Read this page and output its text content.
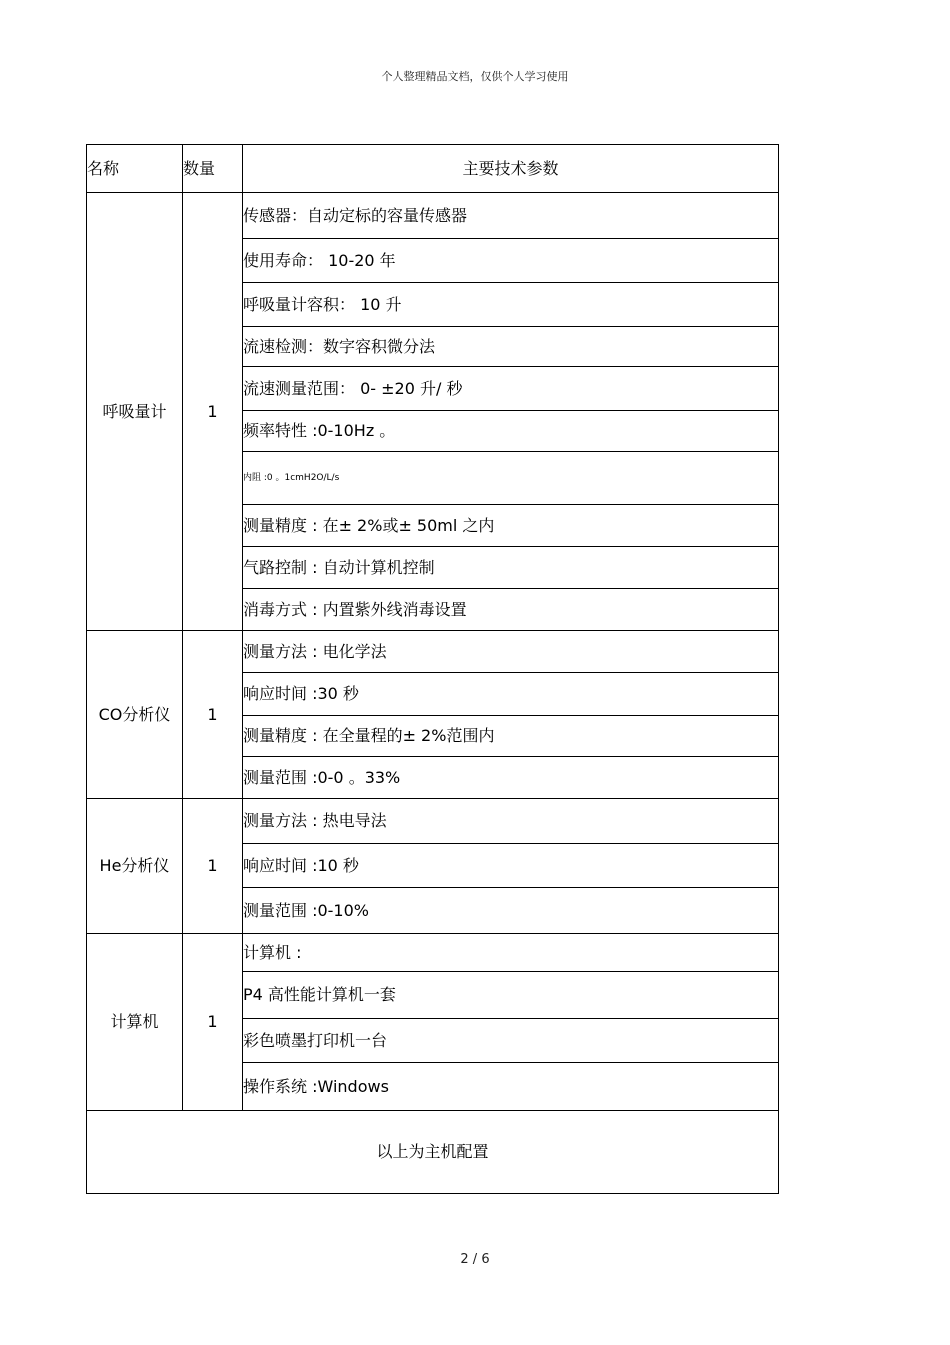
个人整理精品文档，仅供个人学习使用
名称	数量	主要技术参数
呼吸量计	1	传感器：自动定标的容量传感器
		使用寿命： 10-20 年
		呼吸量计容积： 10 升
		流速检测：数字容积微分法
		流速测量范围： 0- ±20 升/ 秒
		频率特性 :0-10Hz 。
		内阻 :0 。1cmH2O/L/s
		测量精度 : 在± 2%或± 50ml 之内
		气路控制 : 自动计算机控制
		消毒方式 : 内置紫外线消毒设置
CO分析仪	1	测量方法 : 电化学法
		响应时间 :30 秒
		测量精度 : 在全量程的± 2%范围内
		测量范围 :0-0 。33%
He分析仪	1	测量方法 : 热电导法
		响应时间 :10 秒
		测量范围 :0-10%
计算机	1	计算机 :
		P4 高性能计算机一套
		彩色喷墨打印机一台
		操作系统 :Windows
以上为主机配置		
2 / 6
